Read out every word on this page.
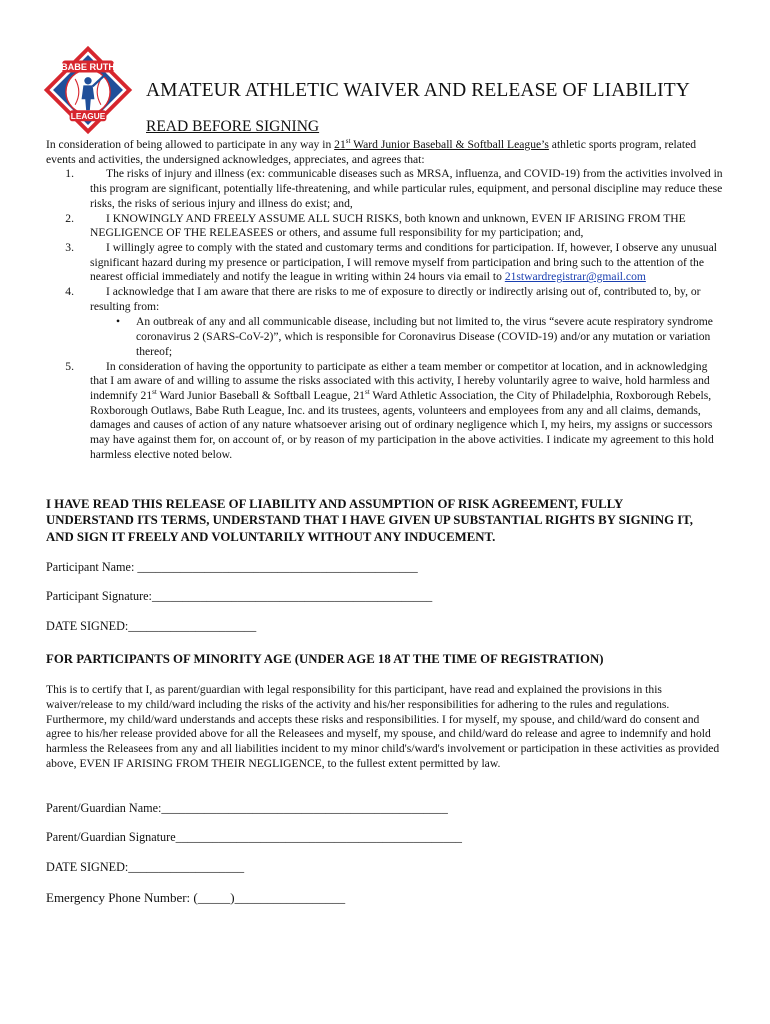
BABE RUTH
LEAGUE
AMATEUR ATHLETIC WAIVER AND RELEASE OF LIABILITY
READ BEFORE SIGNING

In consideration of being allowed to participate in any way in 21st Ward Junior Baseball & Softball League’s athletic sports program, related events and activities, the undersigned acknowledges, appreciates, and agrees that:

1.	The risks of injury and illness (ex: communicable diseases such as MRSA, influenza, and COVID-19) from the activities involved in this program are significant, potentially life-threatening, and while particular rules, equipment, and personal discipline may reduce these risks, the risks of serious injury and illness do exist; and,
2.	I KNOWINGLY AND FREELY ASSUME ALL SUCH RISKS, both known and unknown, EVEN IF ARISING FROM THE NEGLIGENCE OF THE RELEASEES or others, and assume full responsibility for my participation; and,
3.	I willingly agree to comply with the stated and customary terms and conditions for participation. If, however, I observe any unusual significant hazard during my presence or participation, I will remove myself from participation and bring such to the attention of the nearest official immediately and notify the league in writing within 24 hours via email to 21stwardregistrar@gmail.com
4.	I acknowledge that I am aware that there are risks to me of exposure to directly or indirectly arising out of, contributed to, by, or resulting from:
•	An outbreak of any and all communicable disease, including but not limited to, the virus “severe acute respiratory syndrome coronavirus 2 (SARS-CoV-2)”, which is responsible for Coronavirus Disease (COVID-19) and/or any mutation or variation thereof;
5.	In consideration of having the opportunity to participate as either a team member or competitor at location, and in acknowledging that I am aware of and willing to assume the risks associated with this activity, I hereby voluntarily agree to waive, hold harmless and indemnify 21st Ward Junior Baseball & Softball League, 21st Ward Athletic Association, the City of Philadelphia, Roxborough Rebels, Roxborough Outlaws, Babe Ruth League, Inc. and its trustees, agents, volunteers and employees from any and all claims, demands, damages and causes of action of any nature whatsoever arising out of ordinary negligence which I, my heirs, my assigns or successors may have against them for, on account of, or by reason of my participation in the above activities. I indicate my agreement to this hold harmless elective noted below.

I HAVE READ THIS RELEASE OF LIABILITY AND ASSUMPTION OF RISK AGREEMENT, FULLY UNDERSTAND ITS TERMS, UNDERSTAND THAT I HAVE GIVEN UP SUBSTANTIAL RIGHTS BY SIGNING IT, AND SIGN IT FREELY AND VOLUNTARILY WITHOUT ANY INDUCEMENT.

Participant Name: ______________________________________________
Participant Signature:______________________________________________
DATE SIGNED:_____________________

FOR PARTICIPANTS OF MINORITY AGE (UNDER AGE 18 AT THE TIME OF REGISTRATION)

This is to certify that I, as parent/guardian with legal responsibility for this participant, have read and explained the provisions in this waiver/release to my child/ward including the risks of the activity and his/her responsibilities for adhering to the rules and regulations. Furthermore, my child/ward understands and accepts these risks and responsibilities. I for myself, my spouse, and child/ward do consent and agree to his/her release provided above for all the Releasees and myself, my spouse, and child/ward do release and agree to indemnify and hold harmless the Releasees from any and all liabilities incident to my minor child's/ward's involvement or participation in these activities as provided above, EVEN IF ARISING FROM THEIR NEGLIGENCE, to the fullest extent permitted by law.

Parent/Guardian Name:_______________________________________________
Parent/Guardian Signature_______________________________________________
DATE SIGNED:___________________
Emergency Phone Number: (_____)_________________
